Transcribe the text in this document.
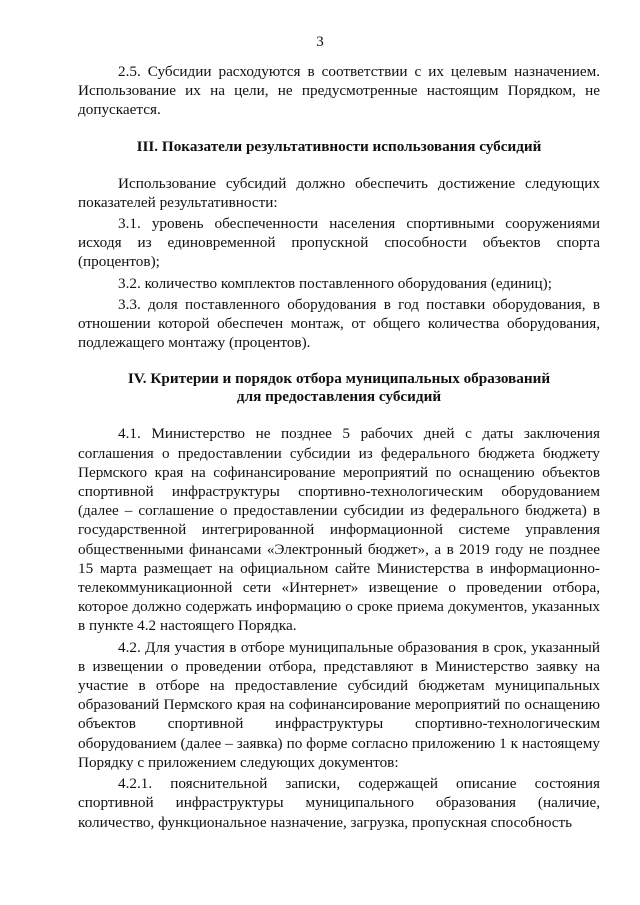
3

2.5. Субсидии расходуются в соответствии с их целевым назначением. Использование их на цели, не предусмотренные настоящим Порядком, не допускается.

III. Показатели результативности использования субсидий

Использование субсидий должно обеспечить достижение следующих показателей результативности:

3.1. уровень обеспеченности населения спортивными сооружениями исходя из единовременной пропускной способности объектов спорта (процентов);

3.2. количество комплектов поставленного оборудования (единиц);

3.3. доля поставленного оборудования в год поставки оборудования, в отношении которой обеспечен монтаж, от общего количества оборудования, подлежащего монтажу (процентов).

IV. Критерии и порядок отбора муниципальных образований
для предоставления субсидий

4.1. Министерство не позднее 5 рабочих дней с даты заключения соглашения о предоставлении субсидии из федерального бюджета бюджету Пермского края на софинансирование мероприятий по оснащению объектов спортивной инфраструктуры спортивно-технологическим оборудованием (далее – соглашение о предоставлении субсидии из федерального бюджета) в государственной интегрированной информационной системе управления общественными финансами «Электронный бюджет», а в 2019 году не позднее 15 марта размещает на официальном сайте Министерства в информационно-телекоммуникационной сети «Интернет» извещение о проведении отбора, которое должно содержать информацию о сроке приема документов, указанных в пункте 4.2 настоящего Порядка.

4.2. Для участия в отборе муниципальные образования в срок, указанный в извещении о проведении отбора, представляют в Министерство заявку на участие в отборе на предоставление субсидий бюджетам муниципальных образований Пермского края на софинансирование мероприятий по оснащению объектов спортивной инфраструктуры спортивно-технологическим оборудованием (далее – заявка) по форме согласно приложению 1 к настоящему Порядку с приложением следующих документов:

4.2.1. пояснительной записки, содержащей описание состояния спортивной инфраструктуры муниципального образования (наличие, количество, функциональное назначение, загрузка, пропускная способность
